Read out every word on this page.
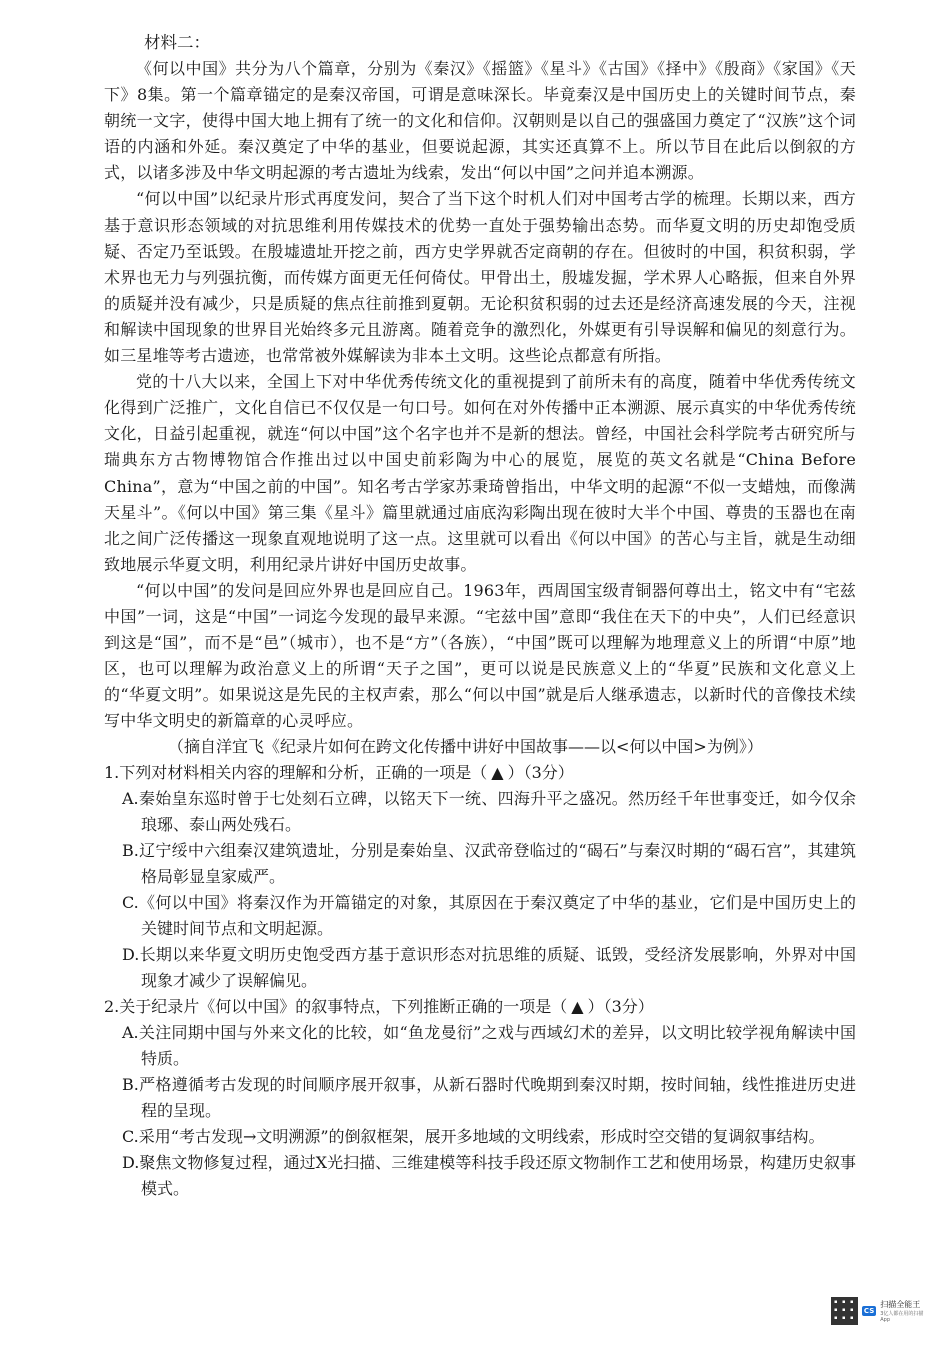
材料二：

《何以中国》共分为八个篇章，分别为《秦汉》《摇篮》《星斗》《古国》《择中》《殷商》《家国》《天下》8集。第一个篇章锚定的是秦汉帝国，可谓是意味深长。毕竟秦汉是中国历史上的关键时间节点，秦朝统一文字，使得中国大地上拥有了统一的文化和信仰。汉朝则是以自己的强盛国力奠定了“汉族”这个词语的内涵和外延。秦汉奠定了中华的基业，但要说起源，其实还真算不上。所以节目在此后以倒叙的方式，以诸多涉及中华文明起源的考古遗址为线索，发出“何以中国”之问并追本溯源。

“何以中国”以纪录片形式再度发问，契合了当下这个时机人们对中国考古学的梳理。长期以来，西方基于意识形态领域的对抗思维利用传媒技术的优势一直处于强势输出态势。而华夏文明的历史却饱受质疑、否定乃至诋毁。在殷墟遗址开挖之前，西方史学界就否定商朝的存在。但彼时的中国，积贫积弱，学术界也无力与列强抗衡，而传媒方面更无任何倚仗。甲骨出土，殷墟发掘，学术界人心略振，但来自外界的质疑并没有减少，只是质疑的焦点往前推到夏朝。无论积贫积弱的过去还是经济高速发展的今天，注视和解读中国现象的世界目光始终多元且游离。随着竞争的激烈化，外媒更有引导误解和偏见的刻意行为。如三星堆等考古遗迹，也常常被外媒解读为非本土文明。这些论点都意有所指。

党的十八大以来，全国上下对中华优秀传统文化的重视提到了前所未有的高度，随着中华优秀传统文化得到广泛推广，文化自信已不仅仅是一句口号。如何在对外传播中正本溯源、展示真实的中华优秀传统文化，日益引起重视，就连“何以中国”这个名字也并不是新的想法。曾经，中国社会科学院考古研究所与瑞典东方古物博物馆合作推出过以中国史前彩陶为中心的展览，展览的英文名就是“China Before China”，意为“中国之前的中国”。知名考古学家苏秉琦曾指出，中华文明的起源“不似一支蜡烛，而像满天星斗”。《何以中国》第三集《星斗》篇里就通过庙底沟彩陶出现在彼时大半个中国、尊贵的玉器也在南北之间广泛传播这一现象直观地说明了这一点。这里就可以看出《何以中国》的苦心与主旨，就是生动细致地展示华夏文明，利用纪录片讲好中国历史故事。

“何以中国”的发问是回应外界也是回应自己。1963年，西周国宝级青铜器何尊出土，铭文中有“宅兹中国”一词，这是“中国”一词迄今发现的最早来源。“宅兹中国”意即“我住在天下的中央”，人们已经意识到这是“国”，而不是“邑”（城市），也不是“方”（各族），“中国”既可以理解为地理意义上的所谓“中原”地区，也可以理解为政治意义上的所谓“天子之国”，更可以说是民族意义上的“华夏”民族和文化意义上的“华夏文明”。如果说这是先民的主权声索，那么“何以中国”就是后人继承遗志，以新时代的音像技术续写中华文明史的新篇章的心灵呼应。

（摘自洋宜飞《纪录片如何在跨文化传播中讲好中国故事——以<何以中国>为例》）

1.下列对材料相关内容的理解和分析，正确的一项是（ ▲ ）（3分）

A.秦始皇东巡时曾于七处刻石立碑，以铭天下一统、四海升平之盛况。然历经千年世事变迁，如今仅余琅琊、泰山两处残石。

B.辽宁绥中六组秦汉建筑遗址，分别是秦始皇、汉武帝登临过的“碣石”与秦汉时期的“碣石宫”，其建筑格局彰显皇家威严。

C.《何以中国》将秦汉作为开篇锚定的对象，其原因在于秦汉奠定了中华的基业，它们是中国历史上的关键时间节点和文明起源。

D.长期以来华夏文明历史饱受西方基于意识形态对抗思维的质疑、诋毁，受经济发展影响，外界对中国现象才减少了误解偏见。

2.关于纪录片《何以中国》的叙事特点，下列推断正确的一项是（ ▲ ）（3分）

A.关注同期中国与外来文化的比较，如“鱼龙曼衍”之戏与西域幻术的差异，以文明比较学视角解读中国特质。

B.严格遵循考古发现的时间顺序展开叙事，从新石器时代晚期到秦汉时期，按时间轴，线性推进历史进程的呈现。

C.采用“考古发现→文明溯源”的倒叙框架，展开多地域的文明线索，形成时空交错的复调叙事结构。

D.聚焦文物修复过程，通过X光扫描、三维建模等科技手段还原文物制作工艺和使用场景，构建历史叙事模式。

CS
扫描全能王
3亿人都在用的扫描App
